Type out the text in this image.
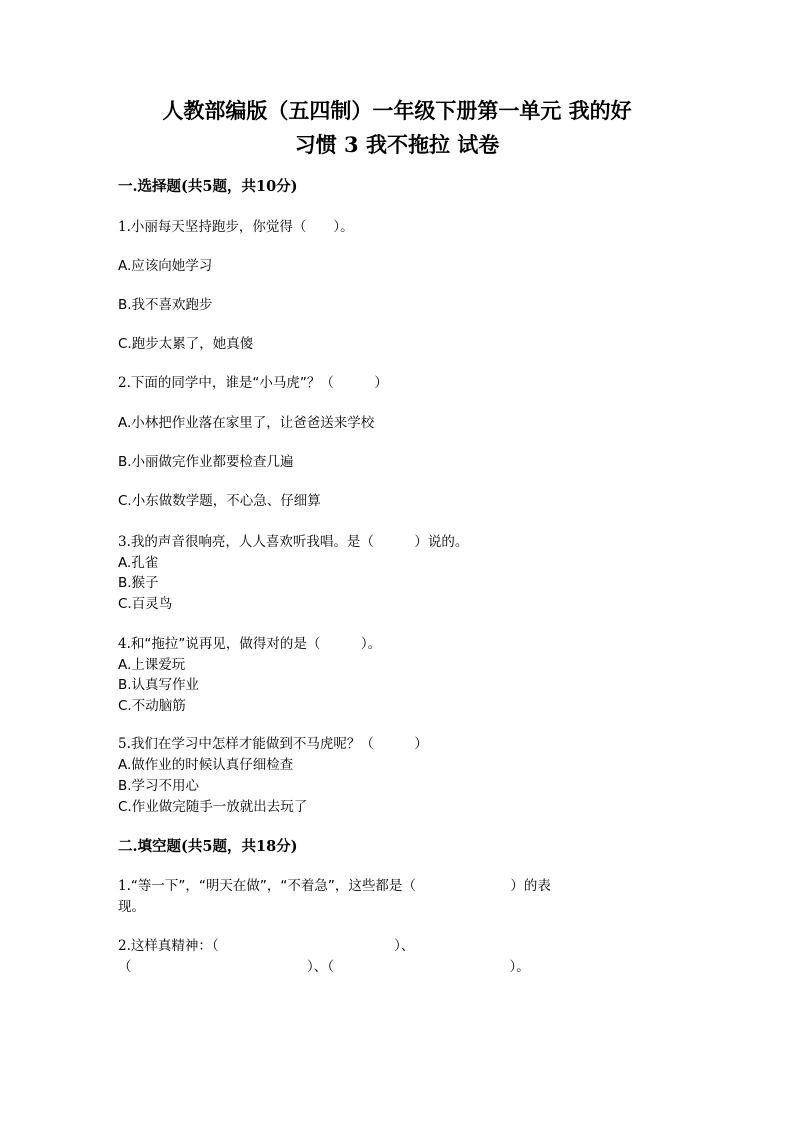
人教部编版（五四制）一年级下册第一单元 我的好
习惯 3 我不拖拉 试卷
一.选择题(共5题，共10分)
1.小丽每天坚持跑步，你觉得（　　）。
A.应该向她学习
B.我不喜欢跑步
C.跑步太累了，她真傻
2.下面的同学中，谁是“小马虎”？（　　　）
A.小林把作业落在家里了，让爸爸送来学校
B.小丽做完作业都要检查几遍
C.小东做数学题，不心急、仔细算
3.我的声音很响亮，人人喜欢听我唱。是（　　　）说的。
A.孔雀
B.猴子
C.百灵鸟
4.和“拖拉”说再见，做得对的是（　　　）。
A.上课爱玩
B.认真写作业
C.不动脑筋
5.我们在学习中怎样才能做到不马虎呢？（　　　）
A.做作业的时候认真仔细检查
B.学习不用心
C.作业做完随手一放就出去玩了
二.填空题(共5题，共18分)
1.“等一下”，“明天在做”，“不着急”，这些都是（　　　　　　　）的表
现。
2.这样真精神：（　　　　　　　　　　　　　）、
（　　　　　　　　　　　　　）、（　　　　　　　　　　　　　）。
